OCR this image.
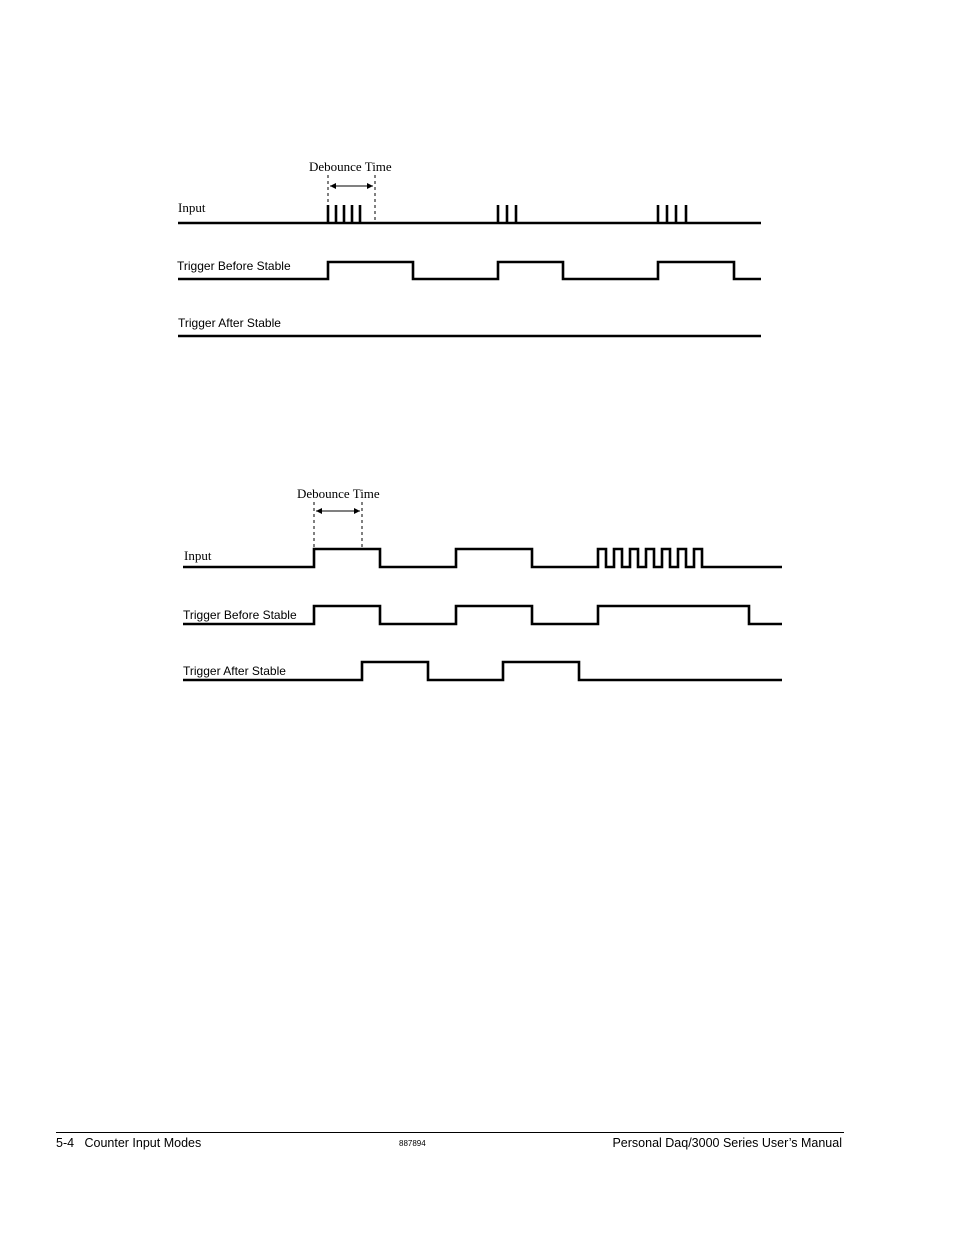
Debounce Time
Input
Trigger Before Stable
Trigger After Stable
Debounce Time
Input
Trigger Before Stable
Trigger After Stable
5-4   Counter Input Modes	887894	Personal Daq/3000 Series User’s Manual
